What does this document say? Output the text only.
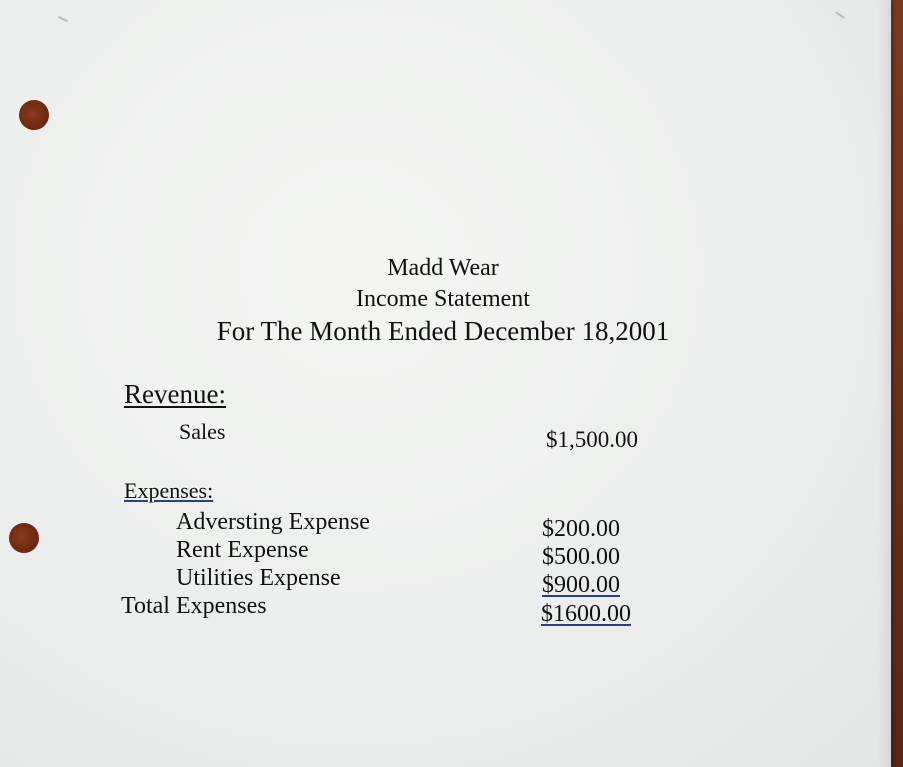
Madd Wear
Income Statement
For The Month Ended December 18,2001
Revenue:
Sales	$1,500.00
Expenses:
Adversting Expense
Rent Expense
Utilities Expense
Total Expenses
$200.00
$500.00
$900.00
$1600.00
